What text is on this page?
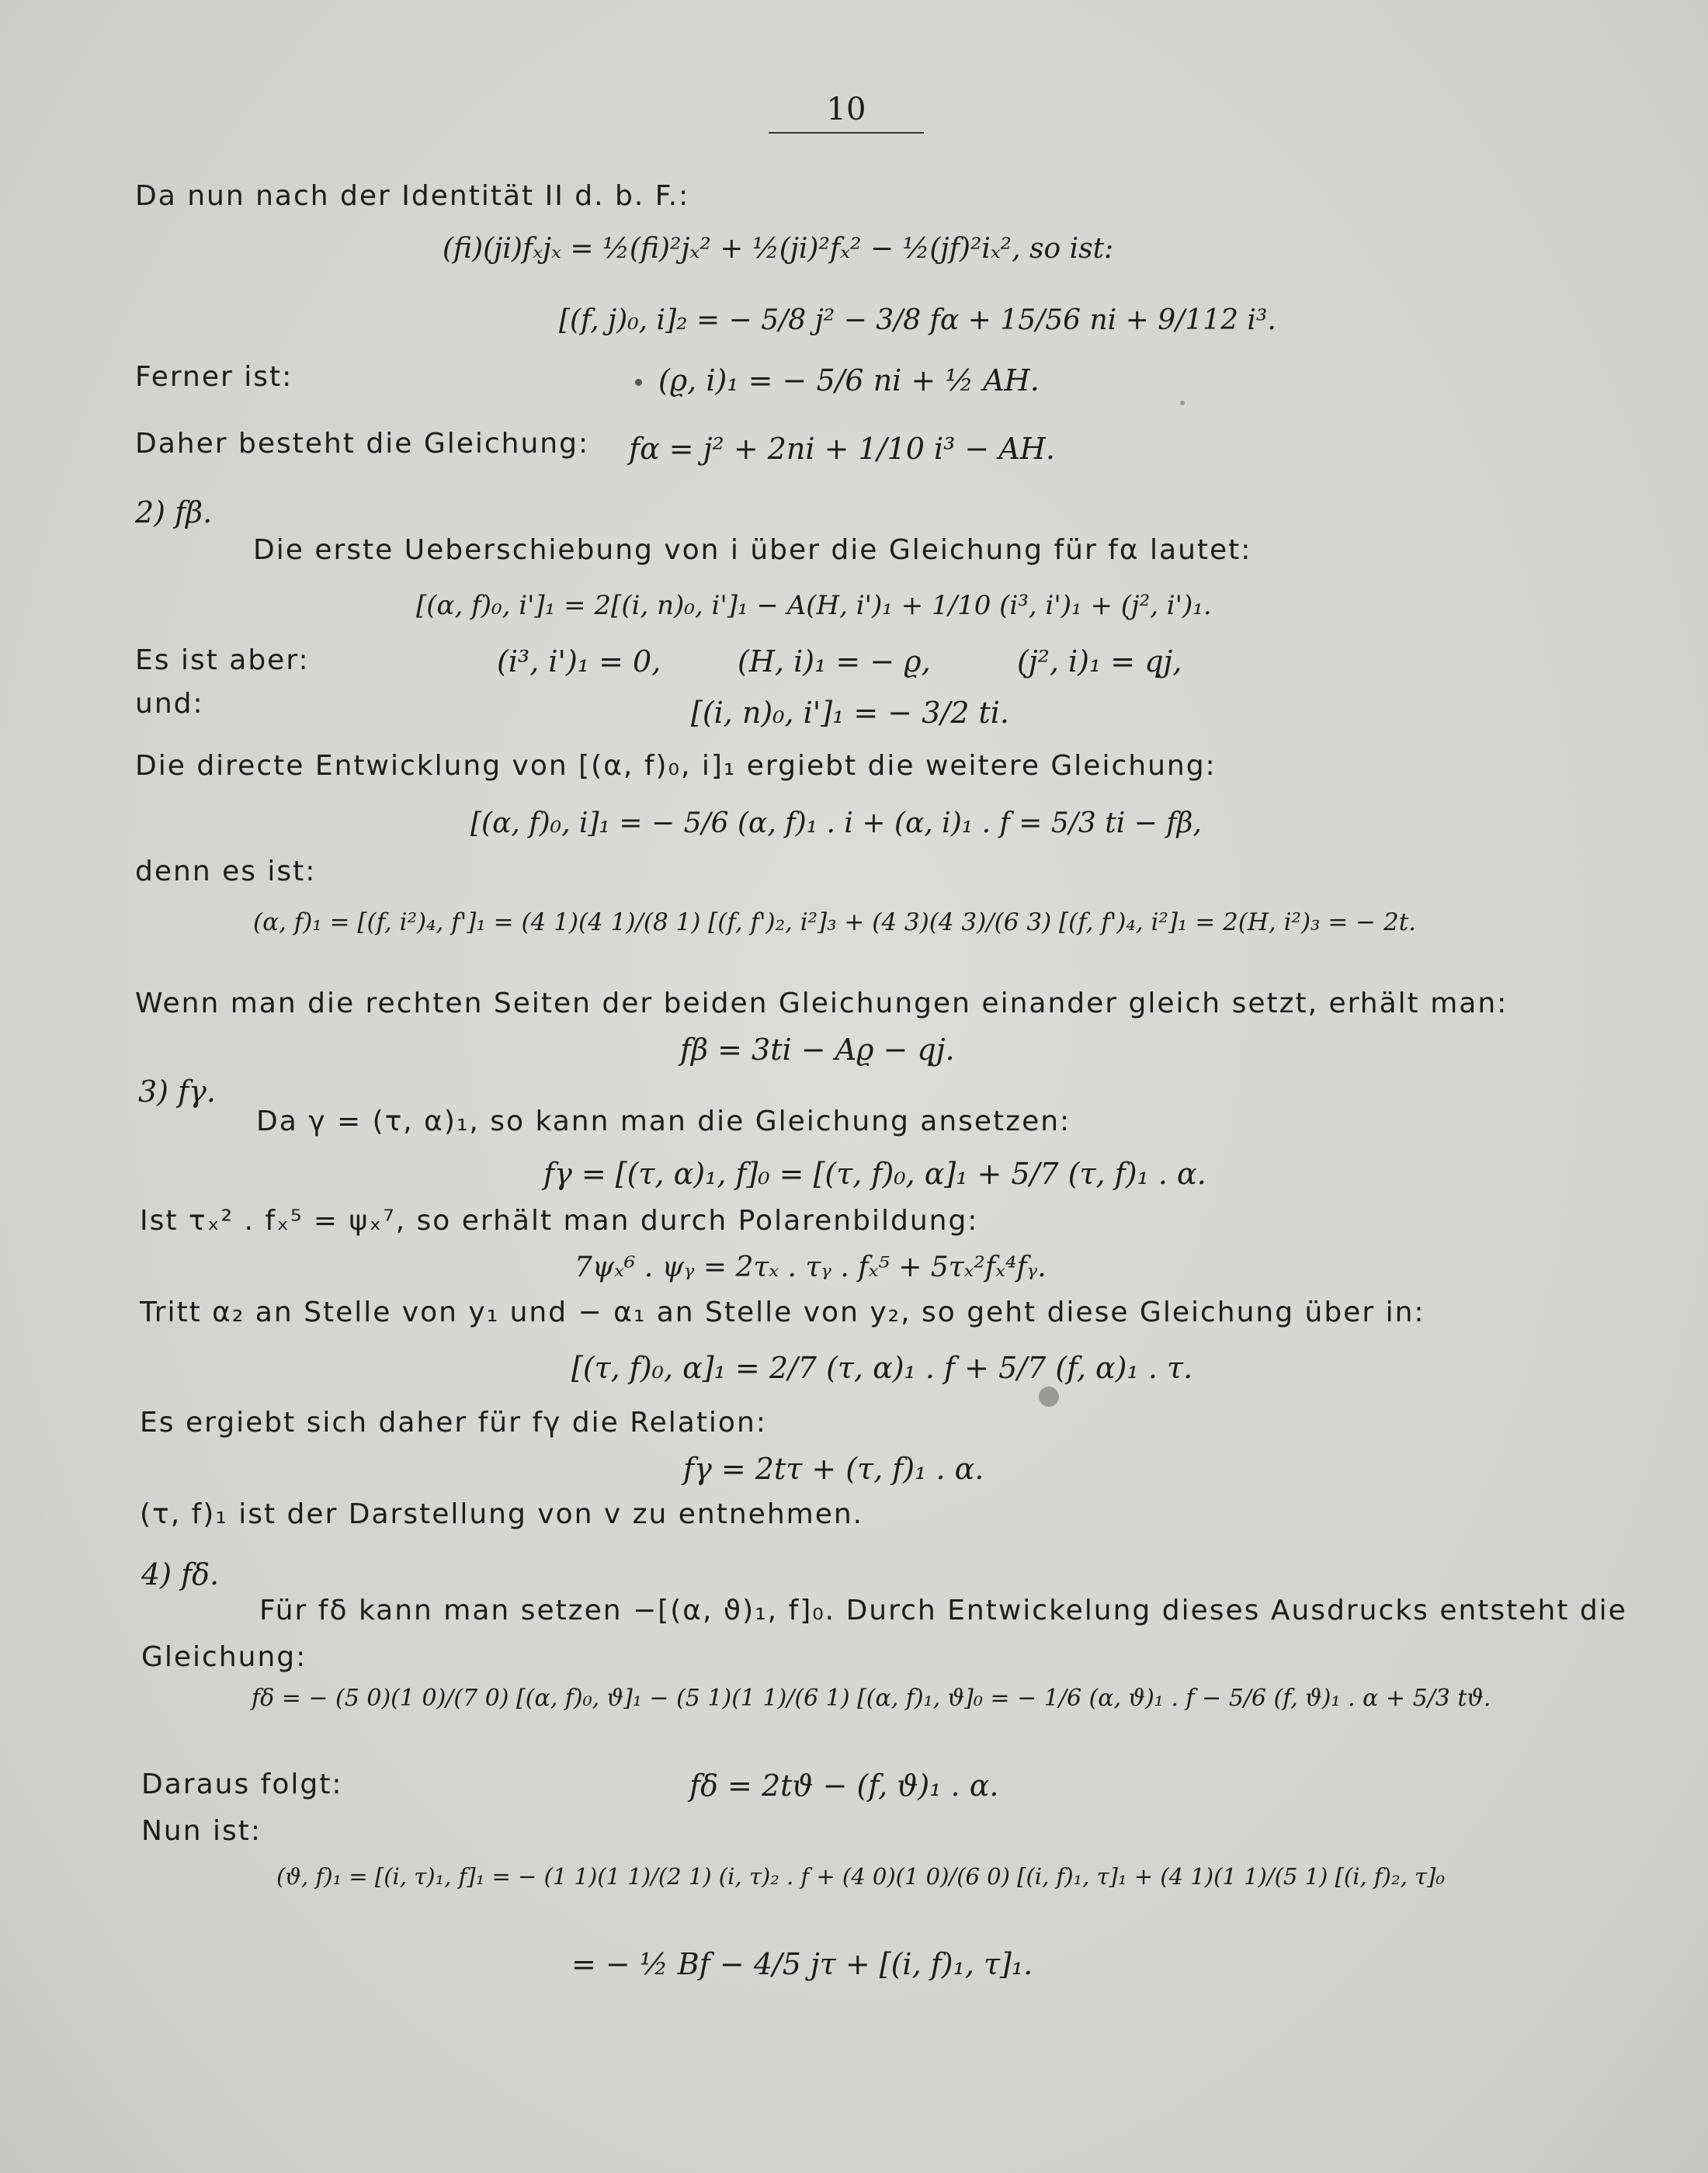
10
Da nun nach der Identität II d. b. F.:
(fi)(ji)fₓjₓ = ½(fi)²jₓ² + ½(ji)²fₓ² − ½(jf)²iₓ², so ist:
[(f, j)₀, i]₂ = − 5/8 j² − 3/8 fα + 15/56 ni + 9/112 i³.
Ferner ist:	(ϱ, i)₁ = − 5/6 ni + ½ AH.
Daher besteht die Gleichung: fα = j² + 2ni + 1/10 i³ − AH.
2) fβ.
Die erste Ueberschiebung von i über die Gleichung für fα lautet:
[(α, f)₀, i']₁ = 2[(i, n)₀, i']₁ − A(H, i')₁ + 1/10 (i³, i')₁ + (j², i')₁.
Es ist aber:	(i³, i')₁ = 0,	(H, i)₁ = − ϱ,	(j², i)₁ = qj,
und:	[(i, n)₀, i']₁ = − 3/2 ti.
Die directe Entwicklung von [(α, f)₀, i]₁ ergiebt die weitere Gleichung:
[(α, f)₀, i]₁ = − 5/6 (α, f)₁ . i + (α, i)₁ . f = 5/3 ti − fβ,
denn es ist:
(α, f)₁ = [(f, i²)₄, f']₁ = (4 1)(4 1)/(8 1) [(f, f')₂, i²]₃ + (4 3)(4 3)/(6 3) [(f, f')₄, i²]₁ = 2(H, i²)₃ = − 2t.
Wenn man die rechten Seiten der beiden Gleichungen einander gleich setzt, erhält man:
fβ = 3ti − Aϱ − qj.
3) fγ.
Da γ = (τ, α)₁, so kann man die Gleichung ansetzen:
fγ = [(τ, α)₁, f]₀ = [(τ, f)₀, α]₁ + 5/7 (τ, f)₁ . α.
Ist τₓ² . fₓ⁵ = ψₓ⁷, so erhält man durch Polarenbildung:
7ψₓ⁶ . ψᵧ = 2τₓ . τᵧ . fₓ⁵ + 5τₓ²fₓ⁴fᵧ.
Tritt α₂ an Stelle von y₁ und − α₁ an Stelle von y₂, so geht diese Gleichung über in:
[(τ, f)₀, α]₁ = 2/7 (τ, α)₁ . f + 5/7 (f, α)₁ . τ.
Es ergiebt sich daher für fγ die Relation:
fγ = 2tτ + (τ, f)₁ . α.
(τ, f)₁ ist der Darstellung von v zu entnehmen.
4) fδ.
Für fδ kann man setzen −[(α, ϑ)₁, f]₀. Durch Entwickelung dieses Ausdrucks entsteht die
Gleichung:
fδ = − (5 0)(1 0)/(7 0) [(α, f)₀, ϑ]₁ − (5 1)(1 1)/(6 1) [(α, f)₁, ϑ]₀ = − 1/6 (α, ϑ)₁ . f − 5/6 (f, ϑ)₁ . α + 5/3 tϑ.
Daraus folgt:	fδ = 2tϑ − (f, ϑ)₁ . α.
Nun ist:
(ϑ, f)₁ = [(i, τ)₁, f]₁ = − (1 1)(1 1)/(2 1) (i, τ)₂ . f + (4 0)(1 0)/(6 0) [(i, f)₁, τ]₁ + (4 1)(1 1)/(5 1) [(i, f)₂, τ]₀
= − ½ Bf − 4/5 jτ + [(i, f)₁, τ]₁.
